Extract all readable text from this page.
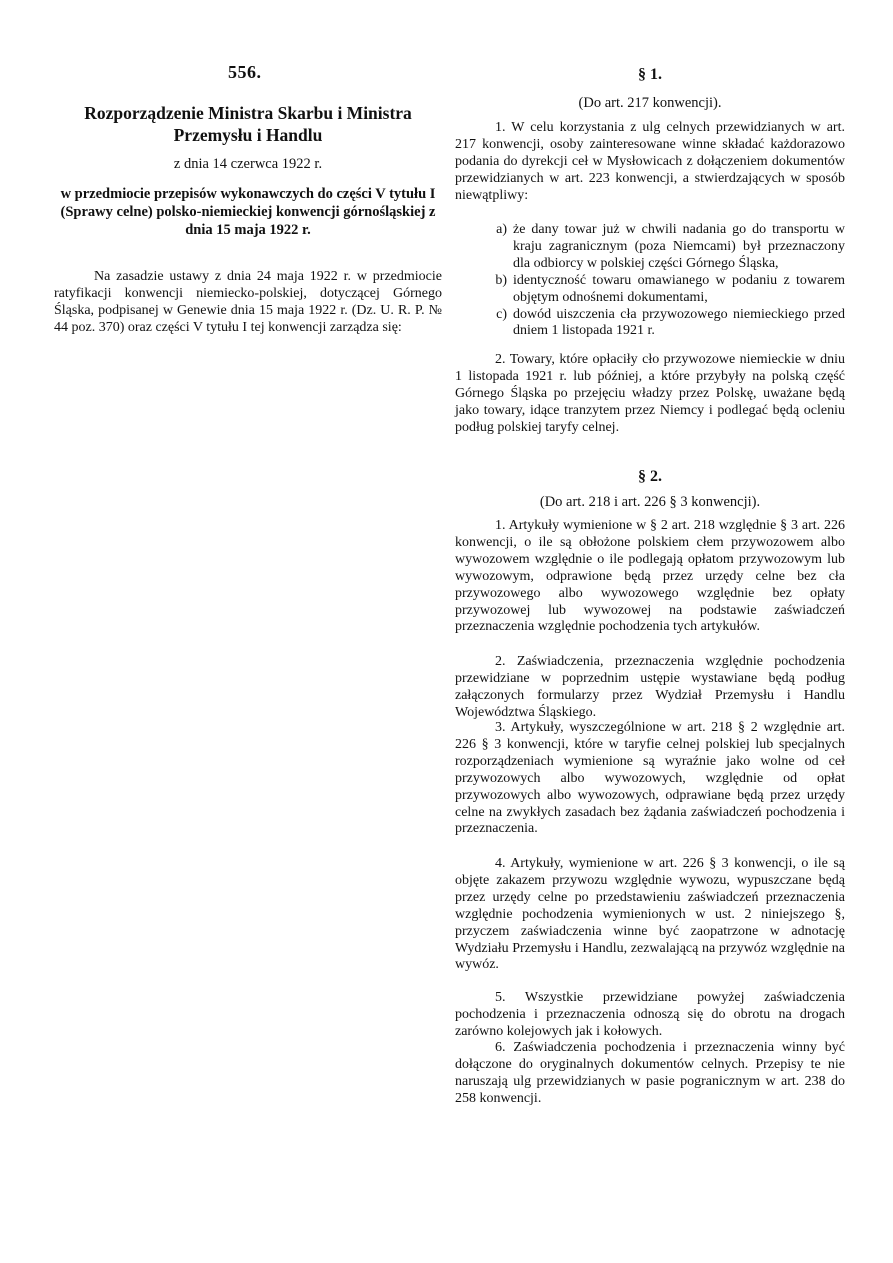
556.
Rozporządzenie Ministra Skarbu i Ministra Przemysłu i Handlu
z dnia 14 czerwca 1922 r.
w przedmiocie przepisów wykonawczych do części V tytułu I (Sprawy celne) polsko-niemieckiej konwencji górnośląskiej z dnia 15 maja 1922 r.
Na zasadzie ustawy z dnia 24 maja 1922 r. w przedmiocie ratyfikacji konwencji niemiecko-polskiej, dotyczącej Górnego Śląska, podpisanej w Genewie dnia 15 maja 1922 r. (Dz. U. R. P. № 44 poz. 370) oraz części V tytułu I tej konwencji zarządza się:
§ 1.
(Do art. 217 konwencji).
1. W celu korzystania z ulg celnych przewidzianych w art. 217 konwencji, osoby zainteresowane winne składać każdorazowo podania do dyrekcji ceł w Mysłowicach z dołączeniem dokumentów przewidzianych w art. 223 konwencji, a stwierdzających w sposób niewątpliwy:
a) że dany towar już w chwili nadania go do transportu w kraju zagranicznym (poza Niemcami) był przeznaczony dla odbiorcy w polskiej części Górnego Śląska,
b) identyczność towaru omawianego w podaniu z towarem objętym odnośnemi dokumentami,
c) dowód uiszczenia cła przywozowego niemieckiego przed dniem 1 listopada 1921 r.
2. Towary, które opłaciły cło przywozowe niemieckie w dniu 1 listopada 1921 r. lub później, a które przybyły na polską część Górnego Śląska po przejęciu władzy przez Polskę, uważane będą jako towary, idące tranzytem przez Niemcy i podlegać będą ocleniu podług polskiej taryfy celnej.
§ 2.
(Do art. 218 i art. 226 § 3 konwencji).
1. Artykuły wymienione w § 2 art. 218 względnie § 3 art. 226 konwencji, o ile są obłożone polskiem cłem przywozowem albo wywozowem względnie o ile podlegają opłatom przywozowym lub wywozowym, odprawione będą przez urzędy celne bez cła przywozowego albo wywozowego względnie bez opłaty przywozowej lub wywozowej na podstawie zaświadczeń przeznaczenia względnie pochodzenia tych artykułów.
2. Zaświadczenia, przeznaczenia względnie pochodzenia przewidziane w poprzednim ustępie wystawiane będą podług załączonych formularzy przez Wydział Przemysłu i Handlu Województwa Śląskiego.
3. Artykuły, wyszczególnione w art. 218 § 2 względnie art. 226 § 3 konwencji, które w taryfie celnej polskiej lub specjalnych rozporządzeniach wymienione są wyraźnie jako wolne od ceł przywozowych albo wywozowych, względnie od opłat przywozowych albo wywozowych, odprawiane będą przez urzędy celne na zwykłych zasadach bez żądania zaświadczeń pochodzenia i przeznaczenia.
4. Artykuły, wymienione w art. 226 § 3 konwencji, o ile są objęte zakazem przywozu względnie wywozu, wypuszczane będą przez urzędy celne po przedstawieniu zaświadczeń przeznaczenia względnie pochodzenia wymienionych w ust. 2 niniejszego §, przyczem zaświadczenia winne być zaopatrzone w adnotację Wydziału Przemysłu i Handlu, zezwalającą na przywóz względnie na wywóz.
5. Wszystkie przewidziane powyżej zaświadczenia pochodzenia i przeznaczenia odnoszą się do obrotu na drogach zarówno kolejowych jak i kołowych.
6. Zaświadczenia pochodzenia i przeznaczenia winny być dołączone do oryginalnych dokumentów celnych. Przepisy te nie naruszają ulg przewidzianych w pasie pogranicznym w art. 238 do 258 konwencji.
